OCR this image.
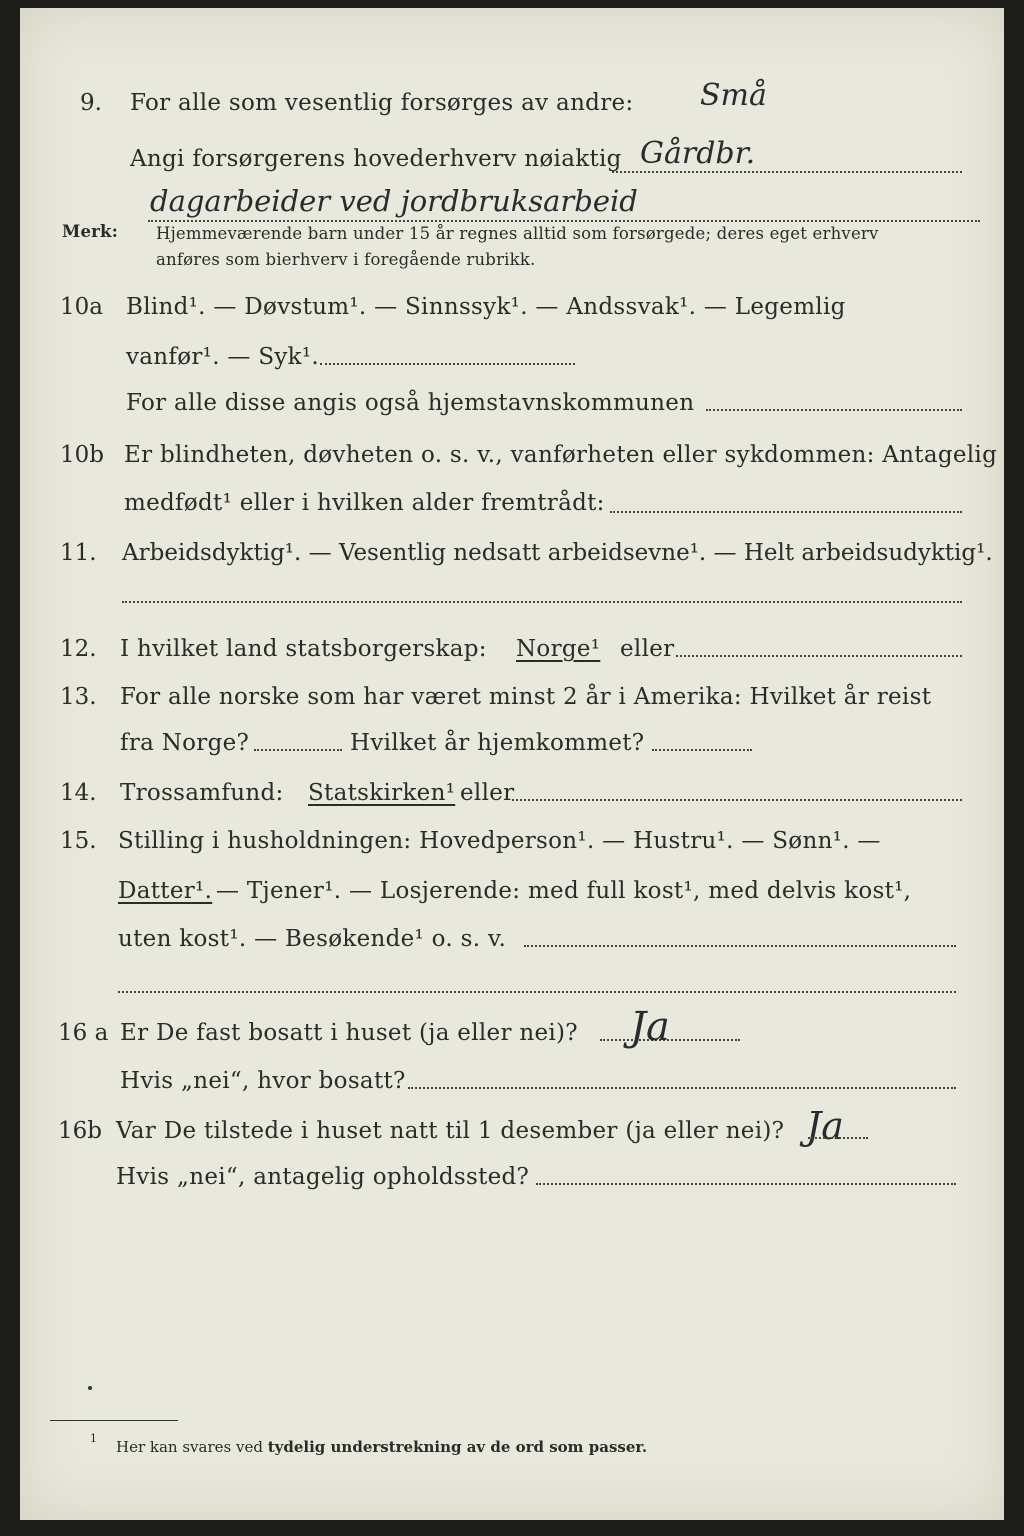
9. For alle som vesentlig forsørges av andre: Små
Angi forsørgerens hovederhverv nøiaktig Gårdbr.
dagarbeider ved jordbruksarbeid
Merk: Hjemmeværende barn under 15 år regnes alltid som forsørgede; deres eget erhverv
anføres som bierhverv i foregående rubrikk.
10a Blind¹. — Døvstum¹. — Sinnssyk¹. — Andssvak¹. — Legemlig
vanfør¹. — Syk¹.
For alle disse angis også hjemstavnskommunen
10b Er blindheten, døvheten o. s. v., vanførheten eller sykdommen: Antagelig
medfødt¹ eller i hvilken alder fremtrådt:
11. Arbeidsdyktig¹. — Vesentlig nedsatt arbeidsevne¹. — Helt arbeidsudyktig¹.
12. I hvilket land statsborgerskap: Norge¹ eller
13. For alle norske som har været minst 2 år i Amerika: Hvilket år reist
fra Norge?	Hvilket år hjemkommet?
14. Trossamfund: Statskirken¹ eller
15. Stilling i husholdningen: Hovedperson¹. — Hustru¹. — Sønn¹. —
Datter¹. — Tjener¹. — Losjerende: med full kost¹, med delvis kost¹,
uten kost¹. — Besøkende¹ o. s. v.
16 a Er De fast bosatt i huset (ja eller nei)? Ja
Hvis „nei“, hvor bosatt?
16b Var De tilstede i huset natt til 1 desember (ja eller nei)? Ja
Hvis „nei“, antagelig opholdssted?
1 Her kan svares ved tydelig understrekning av de ord som passer.
